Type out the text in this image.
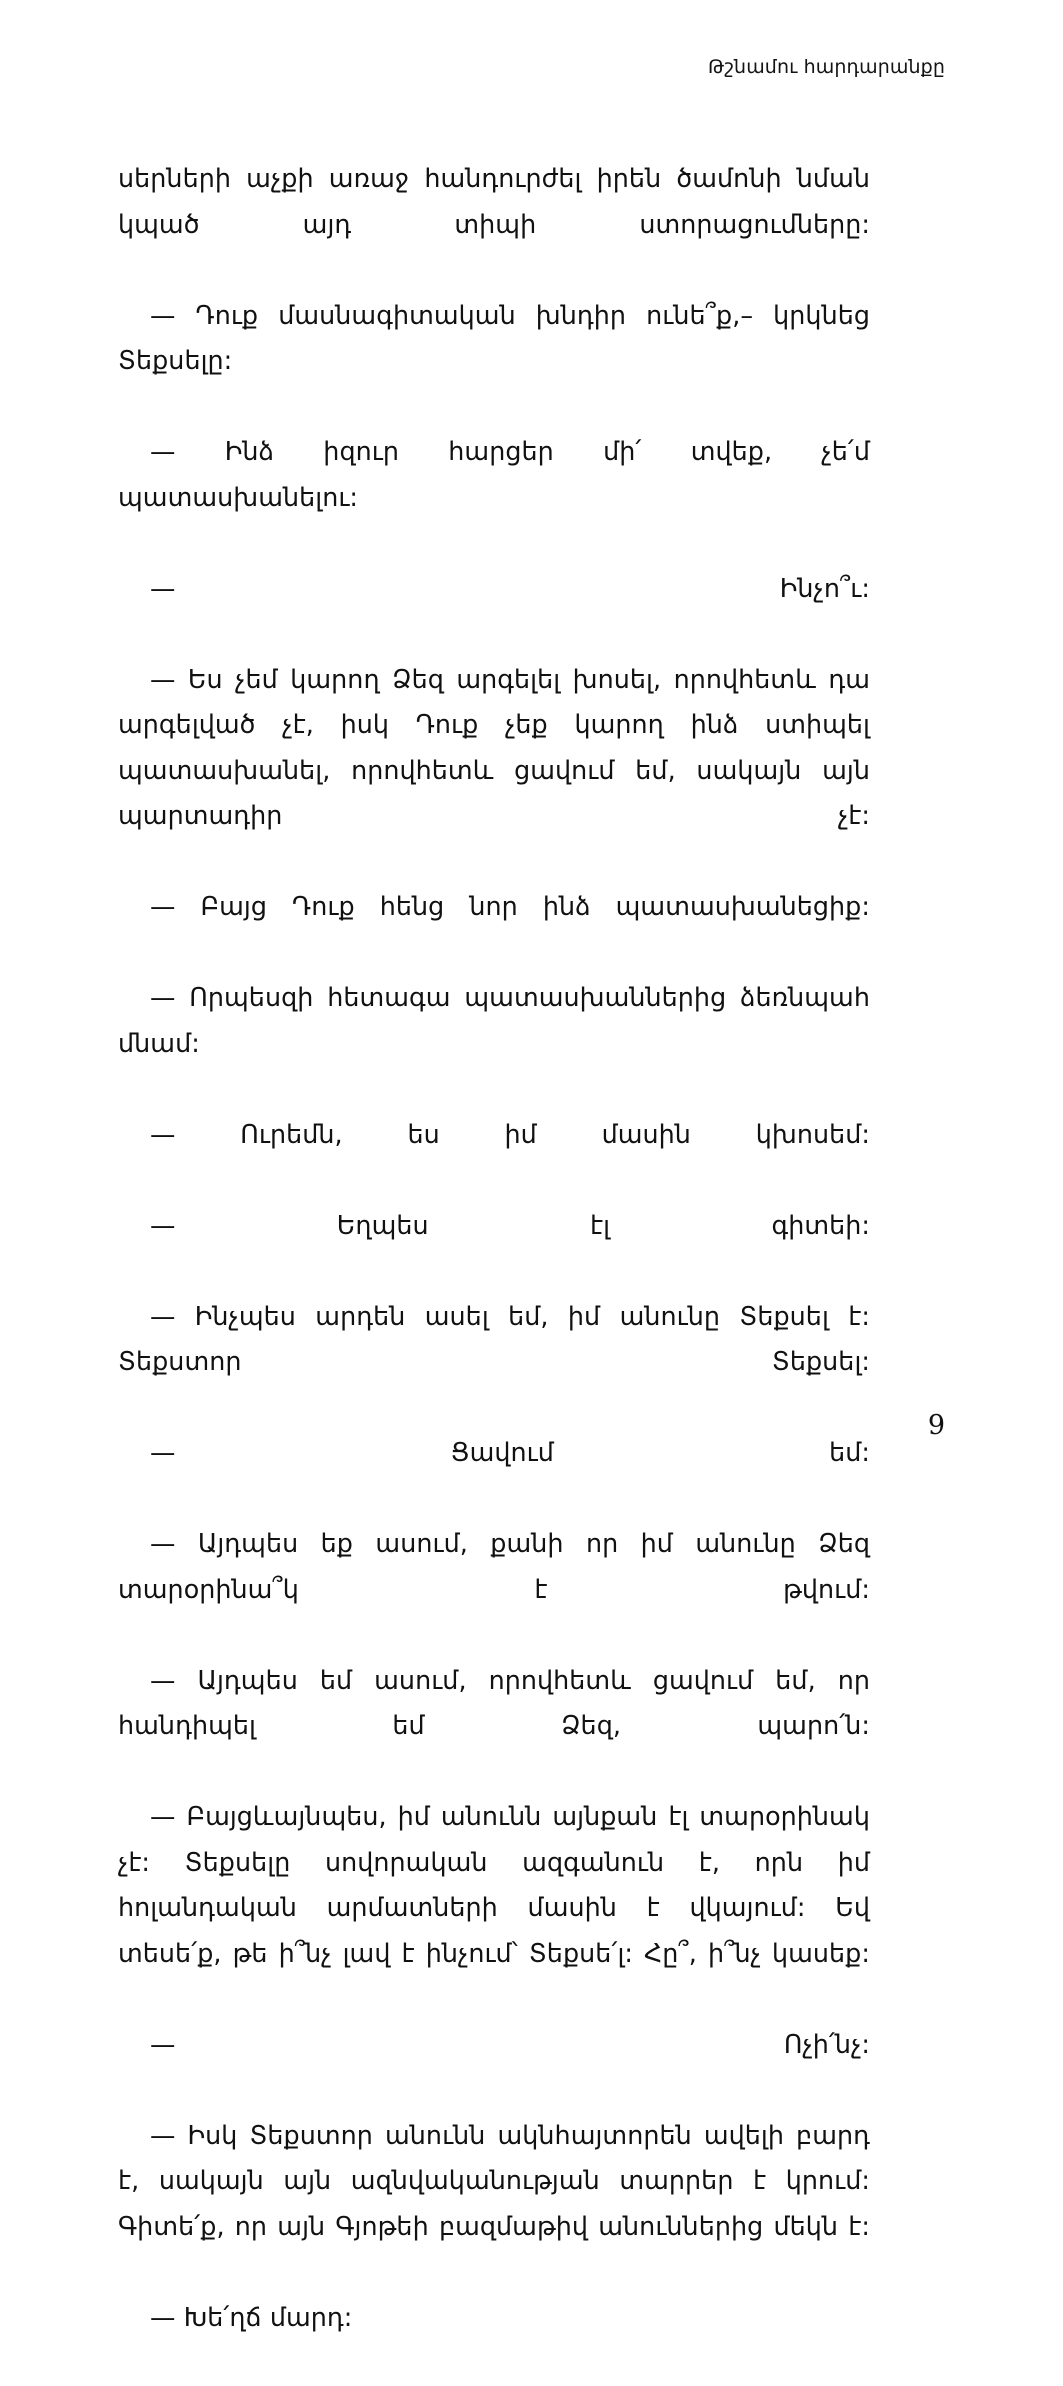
Թշնամու հարդարանքը

սերների աչքի առաջ հանդուրժել իրեն ծամոնի նման կպած այդ տիպի ստորացումները:

— Դուք մասնագիտական խնդիր ունե՞ք,– կրկնեց Տեքսելը:

— Ինձ իզուր հարցեր մի՛ տվեք, չե՛մ պատասխանելու:

— Ինչո՞ւ:

— Ես չեմ կարող Ձեզ արգելել խոսել, որովհետև դա արգելված չէ, իսկ Դուք չեք կարող ինձ ստիպել պատասխանել, որովհետև ցավում եմ, սակայն այն պարտադիր չէ:

— Բայց Դուք հենց նոր ինձ պատասխանեցիք:

— Որպեսզի հետագա պատասխաններից ձեռնպահ մնամ:

— Ուրեմն, ես իմ մասին կխոսեմ:

— Եղպես էլ գիտեի:

— Ինչպես արդեն ասել եմ, իմ անունը Տեքսել է: Տեքստոր Տեքսել:

— Ցավում եմ:

— Այդպես եք ասում, քանի որ իմ անունը Ձեզ տարօրինա՞կ է թվում:

— Այդպես եմ ասում, որովհետև ցավում եմ, որ հանդիպել եմ Ձեզ, պարո՛ն:

— Բայցևայնպես, իմ անունն այնքան էլ տարօրինակ չէ: Տեքսելը սովորական ազգանուն է, որն իմ հոլանդական արմատների մասին է վկայում: Եվ տեսե՛ք, թե ի՞նչ լավ է ինչում՝ Տեքսե՛լ: Հը՞, ի՞նչ կասեք:

— Ոչի՛նչ:

— Իսկ Տեքստոր անունն ակնհայտորեն ավելի բարդ է, սակայն այն ազնվականության տարրեր է կրում: Գիտե՛ք, որ այն Գյոթեի բազմաթիվ անուններից մեկն է:

— Խե՛ղճ մարդ:

9
